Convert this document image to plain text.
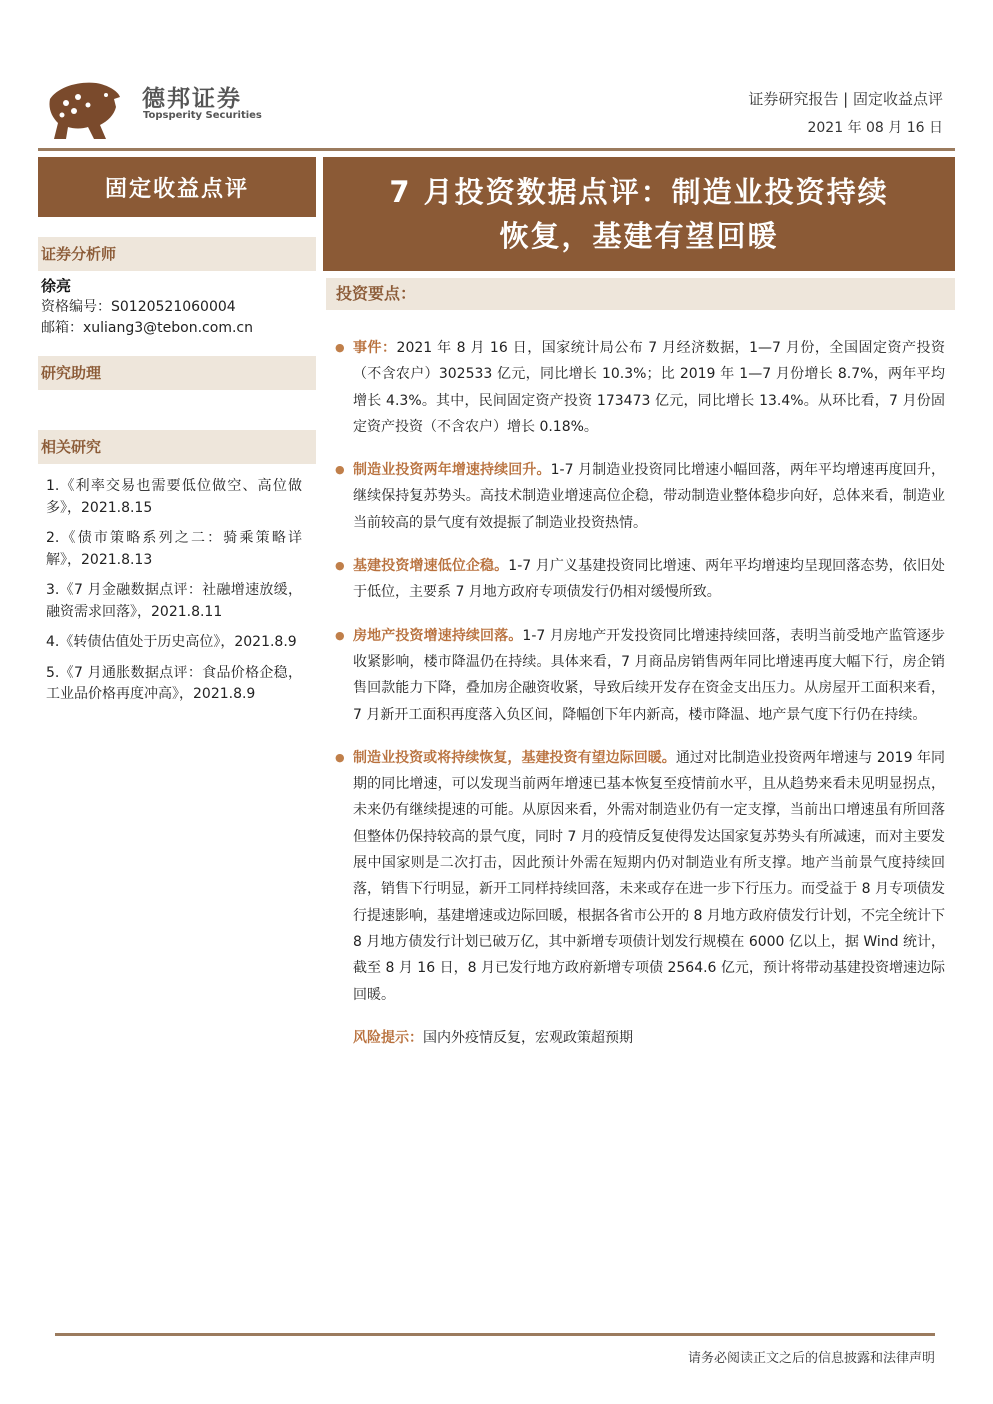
德邦证券
Topsperity Securities
证券研究报告 | 固定收益点评
2021 年 08 月 16 日
固定收益点评
证券分析师
徐亮
资格编号：S0120521060004
邮箱：xuliang3@tebon.com.cn
研究助理
相关研究
1.《利率交易也需要低位做空、高位做多》，2021.8.15
2.《债市策略系列之二：骑乘策略详解》，2021.8.13
3.《7 月金融数据点评：社融增速放缓，融资需求回落》，2021.8.11
4.《转债估值处于历史高位》，2021.8.9
5.《7 月通胀数据点评：食品价格企稳，工业品价格再度冲高》，2021.8.9
7 月投资数据点评：制造业投资持续
恢复，基建有望回暖
投资要点：
● 事件：2021 年 8 月 16 日，国家统计局公布 7 月经济数据，1—7 月份，全国固定资产投资（不含农户）302533 亿元，同比增长 10.3%；比 2019 年 1—7 月份增长 8.7%，两年平均增长 4.3%。其中，民间固定资产投资 173473 亿元，同比增长 13.4%。从环比看，7 月份固定资产投资（不含农户）增长 0.18%。
● 制造业投资两年增速持续回升。1-7 月制造业投资同比增速小幅回落，两年平均增速再度回升，继续保持复苏势头。高技术制造业增速高位企稳，带动制造业整体稳步向好，总体来看，制造业当前较高的景气度有效提振了制造业投资热情。
● 基建投资增速低位企稳。1-7 月广义基建投资同比增速、两年平均增速均呈现回落态势，依旧处于低位，主要系 7 月地方政府专项债发行仍相对缓慢所致。
● 房地产投资增速持续回落。1-7 月房地产开发投资同比增速持续回落，表明当前受地产监管逐步收紧影响，楼市降温仍在持续。具体来看，7 月商品房销售两年同比增速再度大幅下行，房企销售回款能力下降，叠加房企融资收紧，导致后续开发存在资金支出压力。从房屋开工面积来看，7 月新开工面积再度落入负区间，降幅创下年内新高，楼市降温、地产景气度下行仍在持续。
● 制造业投资或将持续恢复，基建投资有望边际回暖。通过对比制造业投资两年增速与 2019 年同期的同比增速，可以发现当前两年增速已基本恢复至疫情前水平，且从趋势来看未见明显拐点，未来仍有继续提速的可能。从原因来看，外需对制造业仍有一定支撑，当前出口增速虽有所回落但整体仍保持较高的景气度，同时 7 月的疫情反复使得发达国家复苏势头有所减速，而对主要发展中国家则是二次打击，因此预计外需在短期内仍对制造业有所支撑。地产当前景气度持续回落，销售下行明显，新开工同样持续回落，未来或存在进一步下行压力。而受益于 8 月专项债发行提速影响，基建增速或边际回暖，根据各省市公开的 8 月地方政府债发行计划，不完全统计下 8 月地方债发行计划已破万亿，其中新增专项债计划发行规模在 6000 亿以上，据 Wind 统计，截至 8 月 16 日，8 月已发行地方政府新增专项债 2564.6 亿元，预计将带动基建投资增速边际回暖。
风险提示：国内外疫情反复，宏观政策超预期
请务必阅读正文之后的信息披露和法律声明
